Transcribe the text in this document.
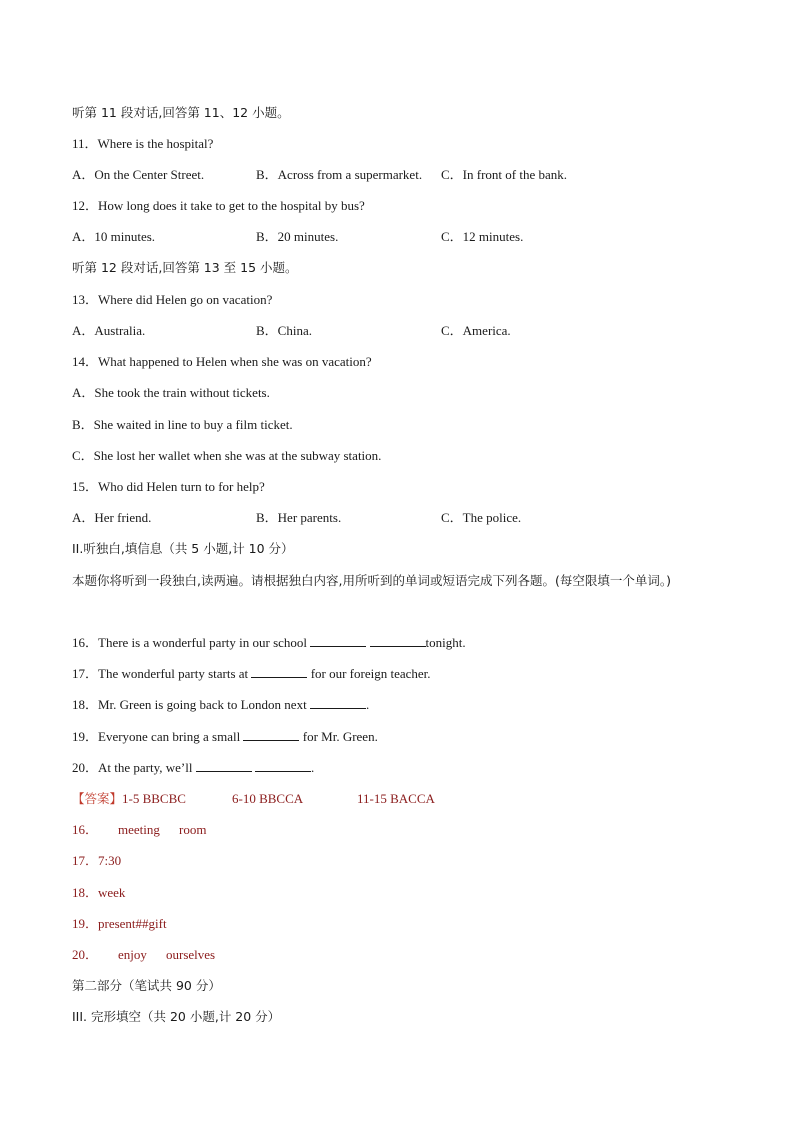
听第 11 段对话,回答第 11、12 小题。
11．Where is the hospital?
A．On the Center Street.	B．Across from a supermarket. C．In front of the bank.
12．How long does it take to get to the hospital by bus?
A．10 minutes.	B．20 minutes.	C．12 minutes.
听第 12 段对话,回答第 13 至 15 小题。
13．Where did Helen go on vacation?
A．Australia.	B．China.	C．America.
14．What happened to Helen when she was on vacation?
A．She took the train without tickets.
B．She waited in line to buy a film ticket.
C．She lost her wallet when she was at the subway station.
15．Who did Helen turn to for help?
A．Her friend.	B．Her parents.	C．The police.
II.听独白,填信息（共 5 小题,计 10 分）
本题你将听到一段独白,读两遍。请根据独白内容,用所听到的单词或短语完成下列各题。(每空限填一个单词。)
16．There is a wonderful party in our school	tonight.
17．The wonderful party starts at	for our foreign teacher.
18．Mr. Green is going back to London next	.
19．Everyone can bring a small	for Mr. Green.
20．At the party, we’ll	.
【答案】1-5 BBCBC	6-10 BBCCA	11-15 BACCA
16． meeting room
17．7:30
18．week
19．present##gift
20． enjoy ourselves
第二部分（笔试共 90 分）
III. 完形填空（共 20 小题,计 20 分）
